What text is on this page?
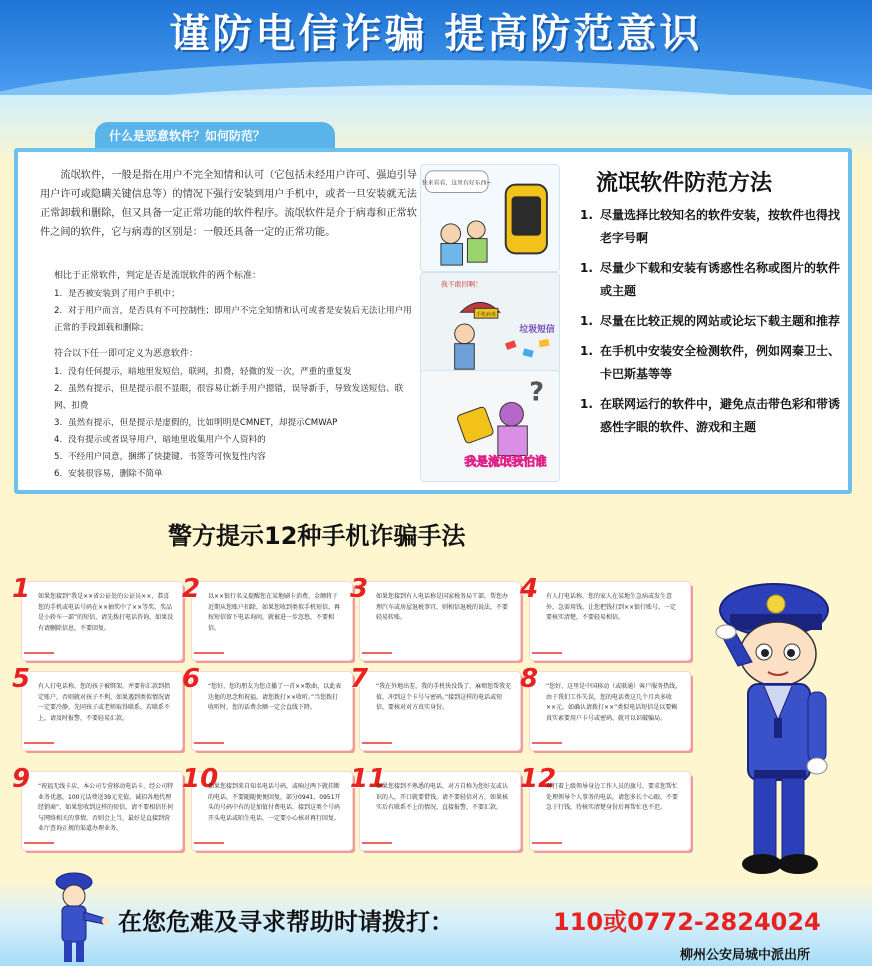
谨防电信诈骗 提高防范意识
什么是恶意软件？如何防范？

流氓软件，一般是指在用户不完全知情和认可（它包括未经用户许可、强迫引导用户许可或隐瞒关键信息等）的情况下强行安装到用户手机中，或者一旦安装就无法正常卸载和删除，但又具备一定正常功能的软件程序。流氓软件是介于病毒和正常软件之间的软件，它与病毒的区别是：一般还具备一定的正常功能。

相比于正常软件，判定是否是流氓软件的两个标准：
1. 是否被安装到了用户手机中；
2. 对于用户而言，是否具有不可控制性；即用户不完全知情和认可或者是安装后无法让用户用正常的手段卸载和删除；
符合以下任一即可定义为恶意软件：
1. 没有任何提示，暗地里发短信，联网，扣费，轻微的发一次，严重的重复发
2. 虽然有提示，但是提示很不显眼，很容易让新手用户摁错，误导新手，导致发送短信、联网、扣费
3. 虽然有提示，但是提示是虚假的，比如明明是CMNET，却提示CMWAP
4. 没有提示或者误导用户，暗地里收集用户个人资料的
5. 不经用户同意，捆绑了快捷键、书签等可恢复性内容
6. 安装很容易，删除不简单
快来看看，这里有好东西~
我不敢回啊！
手机病毒
垃圾短信
?
我是流氓我怕谁
流氓软件防范方法
1. 尽量选择比较知名的软件安装，按软件也得找老字号啊
1. 尽量少下载和安装有诱惑性名称或图片的软件或主题
1. 尽量在比较正规的网站或论坛下载主题和推荐
1. 在手机中安装安全检测软件，例如网秦卫士、卡巴斯基等等
1. 在联网运行的软件中，避免点击带色彩和带诱惑性字眼的软件、游戏和主题
警方提示12种手机诈骗手法
1 如果您接到“我是××省公证处的公证员××，恭喜您的手机或电话号码在××抽奖中了××等奖，奖品是小轿车一部”的短信，请先拨打电话咨询，如果没有请删除信息，不要回复。
2 以××银行名义提醒您在某地刷卡消费，金额将于近期从您账户扣除，如果您收到类似手机短信，再按短信留下电话询问，就被进一步忽悠，不要相信。
3 如果您接到有人电话称是国家税务局干部，帮您办理汽车或房屋退税事宜，则相信退税的说法，不要轻易转账。
4 有人打电话称，您的家人在某地生急病或发生意外，急需用钱，让您把钱打到××银行账号，一定要核实清楚，不要轻易相信。
5 有人打电话称，您的孩子被绑架，并要你汇款到指定账户，否则就对孩子不利，如果遇到类似情况请一定要冷静，先同孩子或老师取得联系，若联系不上，请及时报警，不要轻易汇款。
6 “您好，您的朋友为您点播了一首××歌曲，以此表达他的思念和祝福，请您拨打××收听。”当您拨打收听时，您的话费余额一定会直线下降。
7 “我在外地出差，我的手机快没钱了，麻烦您帮我充值，冲到这个卡号与密码。”接到这样的电话或短信，要核对对方真实身份。
8 “您好，这里是中国移动（或联通）客户服务热线，由于我们工作失误，您的电话费这几个月共多收××元，如确认请拨打××”类似电话短信是以要赖真实索要用户卡号或密码，就可以识破骗局。
9 “祝福无线卡店，本公司专营移动电话卡，经公司特业务优惠，100元话费送39元充值，诚招各地代理经销商”，如果您收到这样的短信，请不要相信任何与网络相关的事情，否则会上当，最好是直接到营业厅查询正规的渠道办理业务。
10
如果您接到来自知名电话号码，或响过两下就挂断的电话，不要随随便便回复，部分0941、0951开头的号码中有的是加值付费电话，接到这类个号码开头电话或陌生电话，一定要小心核对再行回复。
11
如果您接到不熟悉的电话，对方自称为您好友或认识的人，开口就要借钱，请不要轻信对方，如果核实后有联系不上的情况，直接报警，不要汇款。
12
对打着上级领导身边工作人员的旗号，要求您帮忙处理领导个人事务的电话，请您多长个心眼，不要急于行钱，待核实清楚身份后再帮忙也不迟。
在您危难及寻求帮助时请拨打：	110或0772-2824024
柳州公安局城中派出所
